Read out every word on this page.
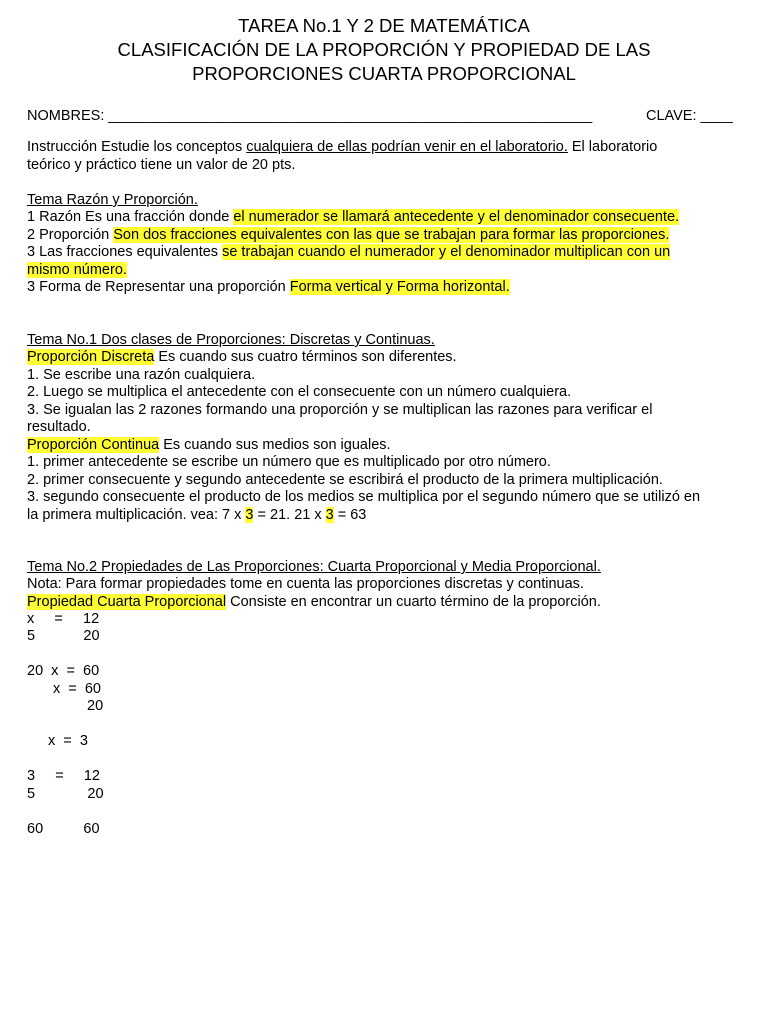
TAREA No.1 Y 2 DE MATEMÁTICA
CLASIFICACIÓN DE LA PROPORCIÓN Y PROPIEDAD DE LAS
PROPORCIONES CUARTA PROPORCIONAL
NOMBRES: ____________________________________________________________	CLAVE: ____
Instrucción Estudie los conceptos cualquiera de ellas podrían venir en el laboratorio. El laboratorio
teórico y práctico tiene un valor de 20 pts.
Tema Razón y Proporción.
1 Razón Es una fracción donde el numerador se llamará antecedente y el denominador consecuente.
2 Proporción Son dos fracciones equivalentes con las que se trabajan para formar las proporciones.
3 Las fracciones equivalentes se trabajan cuando el numerador y el denominador multiplican con un
mismo número.
3 Forma de Representar una proporción Forma vertical y Forma horizontal.
Tema No.1 Dos clases de Proporciones: Discretas y Continuas.
Proporción Discreta Es cuando sus cuatro términos son diferentes.
1. Se escribe una razón cualquiera.
2. Luego se multiplica el antecedente con el consecuente con un número cualquiera.
3. Se igualan las 2 razones formando una proporción y se multiplican las razones para verificar el
resultado.
Proporción Continua Es cuando sus medios son iguales.
1. primer antecedente se escribe un número que es multiplicado por otro número.
2. primer consecuente y segundo antecedente se escribirá el producto de la primera multiplicación.
3. segundo consecuente el producto de los medios se multiplica por el segundo número que se utilizó en
la primera multiplicación. vea: 7 x 3 = 21. 21 x 3 = 63
Tema No.2 Propiedades de Las Proporciones: Cuarta Proporcional y Media Proporcional.
Nota: Para formar propiedades tome en cuenta las proporciones discretas y continuas.
Propiedad Cuarta Proporcional Consiste en encontrar un cuarto término de la proporción.
x     =     12
5            20
20  x  =  60
x  =  60
20
x  =  3
3     =     12
5             20
60          60
